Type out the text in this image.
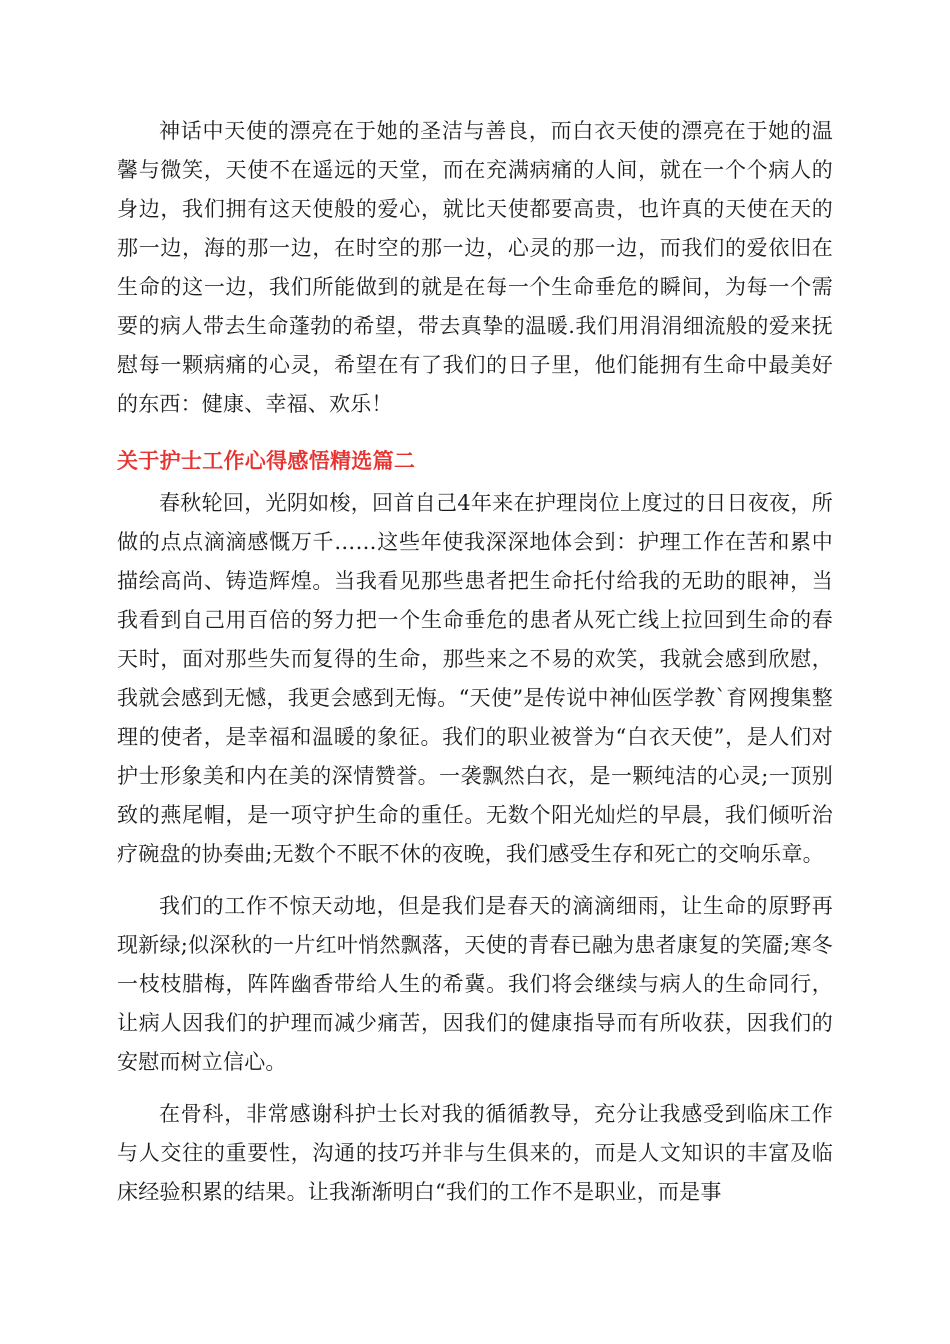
神话中天使的漂亮在于她的圣洁与善良，而白衣天使的漂亮在于她的温馨与微笑，天使不在遥远的天堂，而在充满病痛的人间，就在一个个病人的身边，我们拥有这天使般的爱心，就比天使都要高贵，也许真的天使在天的那一边，海的那一边，在时空的那一边，心灵的那一边，而我们的爱依旧在生命的这一边，我们所能做到的就是在每一个生命垂危的瞬间，为每一个需要的病人带去生命蓬勃的希望，带去真挚的温暖.我们用涓涓细流般的爱来抚慰每一颗病痛的心灵，希望在有了我们的日子里，他们能拥有生命中最美好的东西：健康、幸福、欢乐！

关于护士工作心得感悟精选篇二

春秋轮回，光阴如梭，回首自己4年来在护理岗位上度过的日日夜夜，所做的点点滴滴感慨万千……这些年使我深深地体会到：护理工作在苦和累中描绘高尚、铸造辉煌。当我看见那些患者把生命托付给我的无助的眼神，当我看到自己用百倍的努力把一个生命垂危的患者从死亡线上拉回到生命的春天时，面对那些失而复得的生命，那些来之不易的欢笑，我就会感到欣慰，我就会感到无憾，我更会感到无悔。“天使”是传说中神仙医学教`育网搜集整理的使者，是幸福和温暖的象征。我们的职业被誉为“白衣天使”，是人们对护士形象美和内在美的深情赞誉。一袭飘然白衣，是一颗纯洁的心灵;一顶别致的燕尾帽，是一项守护生命的重任。无数个阳光灿烂的早晨，我们倾听治疗碗盘的协奏曲;无数个不眠不休的夜晚，我们感受生存和死亡的交响乐章。

我们的工作不惊天动地，但是我们是春天的滴滴细雨，让生命的原野再现新绿;似深秋的一片红叶悄然飘落，天使的青春已融为患者康复的笑靥;寒冬一枝枝腊梅，阵阵幽香带给人生的希冀。我们将会继续与病人的生命同行，让病人因我们的护理而减少痛苦，因我们的健康指导而有所收获，因我们的安慰而树立信心。

在骨科，非常感谢科护士长对我的循循教导，充分让我感受到临床工作与人交往的重要性，沟通的技巧并非与生俱来的，而是人文知识的丰富及临床经验积累的结果。让我渐渐明白“我们的工作不是职业，而是事
